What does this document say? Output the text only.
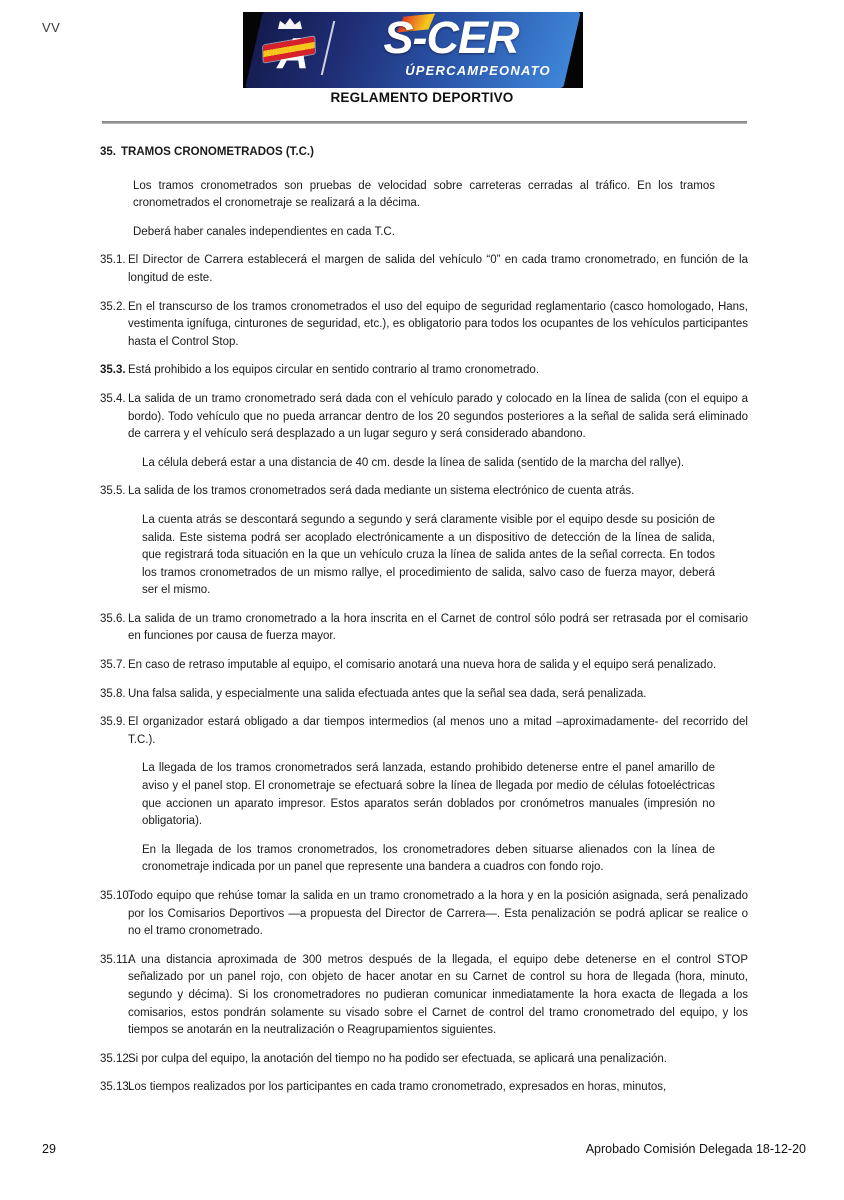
VV	S-CER
ÚPERCAMPEONATO
REGLAMENTO DEPORTIVO
35. TRAMOS CRONOMETRADOS (T.C.)
Los tramos cronometrados son pruebas de velocidad sobre carreteras cerradas al tráfico. En los tramos cronometrados el cronometraje se realizará a la décima.
Deberá haber canales independientes en cada T.C.
35.1. El Director de Carrera establecerá el margen de salida del vehículo “0” en cada tramo cronometrado, en función de la longitud de este.
35.2. En el transcurso de los tramos cronometrados el uso del equipo de seguridad reglamentario (casco homologado, Hans, vestimenta ignífuga, cinturones de seguridad, etc.), es obligatorio para todos los ocupantes de los vehículos participantes hasta el Control Stop.
35.3. Está prohibido a los equipos circular en sentido contrario al tramo cronometrado.
35.4. La salida de un tramo cronometrado será dada con el vehículo parado y colocado en la línea de salida (con el equipo a bordo). Todo vehículo que no pueda arrancar dentro de los 20 segundos posteriores a la señal de salida será eliminado de carrera y el vehículo será desplazado a un lugar seguro y será considerado abandono.
La célula deberá estar a una distancia de 40 cm. desde la línea de salida (sentido de la marcha del rallye).
35.5. La salida de los tramos cronometrados será dada mediante un sistema electrónico de cuenta atrás.
La cuenta atrás se descontará segundo a segundo y será claramente visible por el equipo desde su posición de salida. Este sistema podrá ser acoplado electrónicamente a un dispositivo de detección de la línea de salida, que registrará toda situación en la que un vehículo cruza la línea de salida antes de la señal correcta. En todos los tramos cronometrados de un mismo rallye, el procedimiento de salida, salvo caso de fuerza mayor, deberá ser el mismo.
35.6. La salida de un tramo cronometrado a la hora inscrita en el Carnet de control sólo podrá ser retrasada por el comisario en funciones por causa de fuerza mayor.
35.7. En caso de retraso imputable al equipo, el comisario anotará una nueva hora de salida y el equipo será penalizado.
35.8. Una falsa salida, y especialmente una salida efectuada antes que la señal sea dada, será penalizada.
35.9. El organizador estará obligado a dar tiempos intermedios (al menos uno a mitad –aproximadamente- del recorrido del T.C.).
La llegada de los tramos cronometrados será lanzada, estando prohibido detenerse entre el panel amarillo de aviso y el panel stop. El cronometraje se efectuará sobre la línea de llegada por medio de células fotoeléctricas que accionen un aparato impresor. Estos aparatos serán doblados por cronómetros manuales (impresión no obligatoria).
En la llegada de los tramos cronometrados, los cronometradores deben situarse alienados con la línea de cronometraje indicada por un panel que represente una bandera a cuadros con fondo rojo.
35.10.
Todo equipo que rehúse tomar la salida en un tramo cronometrado a la hora y en la posición asignada, será penalizado por los Comisarios Deportivos —a propuesta del Director de Carrera—. Esta penalización se podrá aplicar se realice o no el tramo cronometrado.
35.11.
A una distancia aproximada de 300 metros después de la llegada, el equipo debe detenerse en el control STOP señalizado por un panel rojo, con objeto de hacer anotar en su Carnet de control su hora de llegada (hora, minuto, segundo y décima). Si los cronometradores no pudieran comunicar inmediatamente la hora exacta de llegada a los comisarios, estos pondrán solamente su visado sobre el Carnet de control del tramo cronometrado del equipo, y los tiempos se anotarán en la neutralización o Reagrupamientos siguientes.
35.12.
Si por culpa del equipo, la anotación del tiempo no ha podido ser efectuada, se aplicará una penalización.
35.13.
Los tiempos realizados por los participantes en cada tramo cronometrado, expresados en horas, minutos,
29	Aprobado Comisión Delegada 18-12-20
